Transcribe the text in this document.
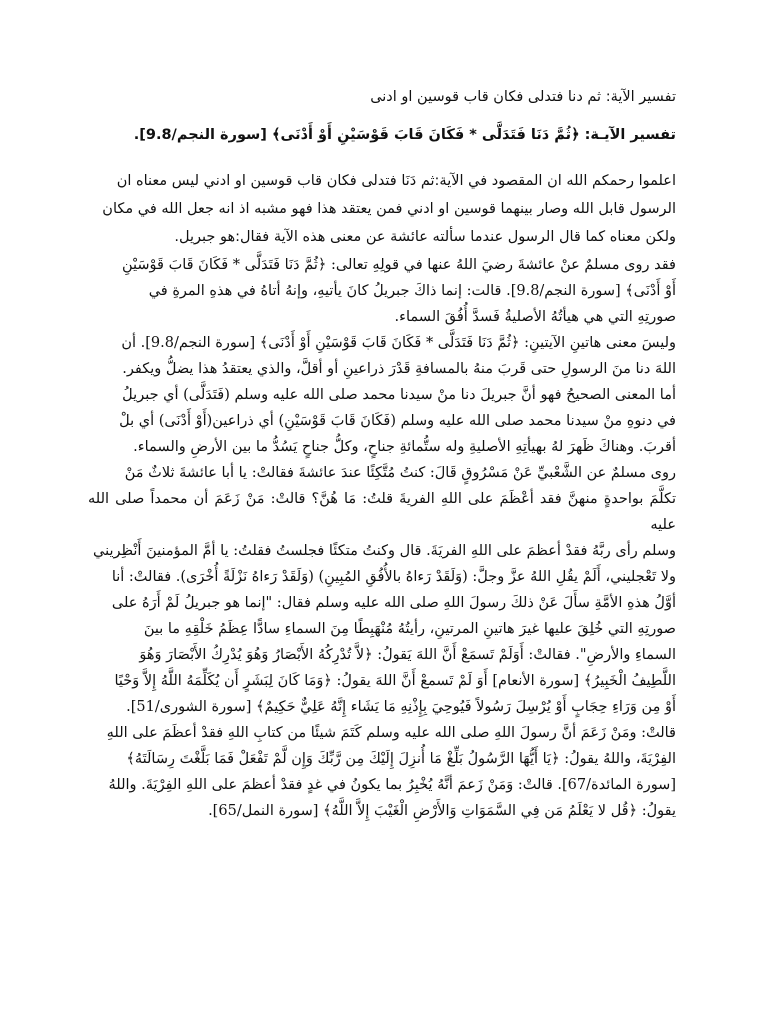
تفسير الآية: ثم دنا فتدلى فكان قاب قوسين او ادنى

تفسير الآيـة: ﴿ثُمَّ دَنَا فَتَدَلَّى * فَكَانَ قَابَ قَوْسَيْنِ أَوْ أَدْنَى﴾ [سورة النجم/9.8].

اعلموا رحمكم الله ان المقصود في الآية:ثم دَنَا فتدلى فكان قاب قوسين او ادني ليس معناه ان

الرسول قابل الله وصار بينهما قوسين او ادني فمن يعتقد هذا فهو مشبه اذ انه جعل الله في مكان

ولكن معناه كما قال الرسول عندما سألته عائشة عن معنى هذه الآية فقال:هو جبريل.

فقد روى مسلمٌ عنْ عائشةَ رضيَ اللهُ عنها في قولِهِ تعالى: ﴿ثُمَّ دَنَا فَتَدَلَّى * فَكَانَ قَابَ قَوْسَيْنِ
أَوْ أَدْنَى﴾ [سورة النجم/9.8]. قالت: إنما ذاكَ جبريلُ كانَ يأتيهِ، وإنهُ أتاهُ في هذهِ المرةِ في
صورتِهِ التي هي هيأتُهُ الأصليةُ فَسدَّ أُفُقَ السماء.
وليسَ معنى هاتينِ الآيتينِ: ﴿ثُمَّ دَنَا فَتَدَلَّى * فَكَانَ قَابَ قَوْسَيْنِ أَوْ أَدْنَى﴾ [سورة النجم/9.8]. أن
اللهَ دنا منَ الرسولِ حتى قَربَ منهُ بالمسافةِ قَدْرَ ذراعينِ أو أقلَّ، والذي يعتقدُ هذا يضلُّ ويكفر.
أما المعنى الصحيحُ فهو أنَّ جبريلَ دنا منْ سيدنا محمد صلى الله عليه وسلم (فَتَدَلَّى) أي جبريلُ
في دنوهِ منْ سيدنا محمد صلى الله عليه وسلم (فَكَانَ قَابَ قَوْسَيْنِ) أي ذراعين(أَوْ أَدْنَى) أي بلْ
أقربَ. وهناكَ ظَهرَ لهُ بهيأتِهِ الأصليةِ وله ستُّمائةِ جناحٍ، وكلُّ جناحٍ يَسُدُّ ما بين الأرضِ والسماء.
روى مسلمٌ عن الشَّعْبيِّ عَنْ مَسْرُوقٍ قَالَ: كنتُ مُتَّكِئًا عندَ عائشةَ فقالتْ: يا أبا عائشةَ ثلاثٌ مَنْ
تكلَّمَ بواحدةٍ منهنَّ فقد أعْظَمَ على اللهِ الفريةَ قلتُ: مَا هُنَّ؟ قالتْ: مَنْ زَعَمَ أن محمداً صلى الله عليه
وسلم رأى ربَّهُ فقدْ أعظمَ على اللهِ الفريَةَ. قال وكنتُ متكئًا فجلستُ فقلتُ: يا أمَّ المؤمنينَ أَنْظِريني
ولا تَعْجليني، أَلَمْ يقُلِ اللهُ عزَّ وجلَّ: (وَلَقَدْ رَءاهُ بالأُفُقِ المُبِينِ) (وَلَقَدْ رَءاهُ نَزْلَةً أُخْرَى). فقالتْ: أنا
أوَّلُ هذهِ الأمَّةِ سأَلَ عَنْ ذلكَ رسولَ اللهِ صلى الله عليه وسلم فقال: "إنما هو جبريلُ لَمْ أَرَهُ على
صورتِهِ التي خُلِقَ عليها غيرَ هاتينِ المرتينِ، رأيتُهُ مُنْهَبِطًا مِنَ السماءِ سادًّا عِظَمُ خَلْقِهِ ما بينَ
السماءِ والأرضِ". فقالتْ: أَوَلَمْ تَسمَعْ أَنَّ اللهَ يَقولُ: ﴿لاَّ تُدْرِكُهُ الأَبْصَارُ وَهُوَ يُدْرِكُ الأَبْصَارَ وَهُوَ
اللَّطِيفُ الْخَبِيرُ﴾ [سورة الأنعام] أَوَ لَمْ تَسمعْ أَنَّ اللهَ يقولُ: ﴿وَمَا كَانَ لِبَشَرٍ أَن يُكَلِّمَهُ اللَّهُ إِلاَّ وَحْيًا
أَوْ مِن وَرَاءِ حِجَابٍ أَوْ يُرْسِلَ رَسُولاً فَيُوحِيَ بِإِذْنِهِ مَا يَشَاء إِنَّهُ عَلِيٌّ حَكِيمٌ﴾ [سورة الشورى/51].
قالتْ: ومَنْ زَعَمَ أنَّ رسولَ اللهِ صلى الله عليه وسلم كَتَمَ شيئًا من كتابِ اللهِ فقدْ أعظَمَ على اللهِ
الفِرْيَةَ، واللهُ يقولُ: ﴿يَا أَيُّهَا الرَّسُولُ بَلِّغْ مَا أُنزِلَ إِلَيْكَ مِن رَّبِّكَ وَإِن لَّمْ تَفْعَلْ فَمَا بَلَّغْتَ رِسَالَتَهُ﴾
[سورة المائدة/67]. قالتْ: وَمَنْ زَعمَ أنَّهُ يُخْبِرُ بما يكونُ في غدٍ فقدْ أعظمَ على اللهِ الفِرْيَةَ. واللهُ
يقولُ: ﴿قُل لا يَعْلَمُ مَن فِي السَّمَوَاتِ وَالأَرْضِ الْغَيْبَ إِلاَّ اللَّهُ﴾ [سورة النمل/65].
